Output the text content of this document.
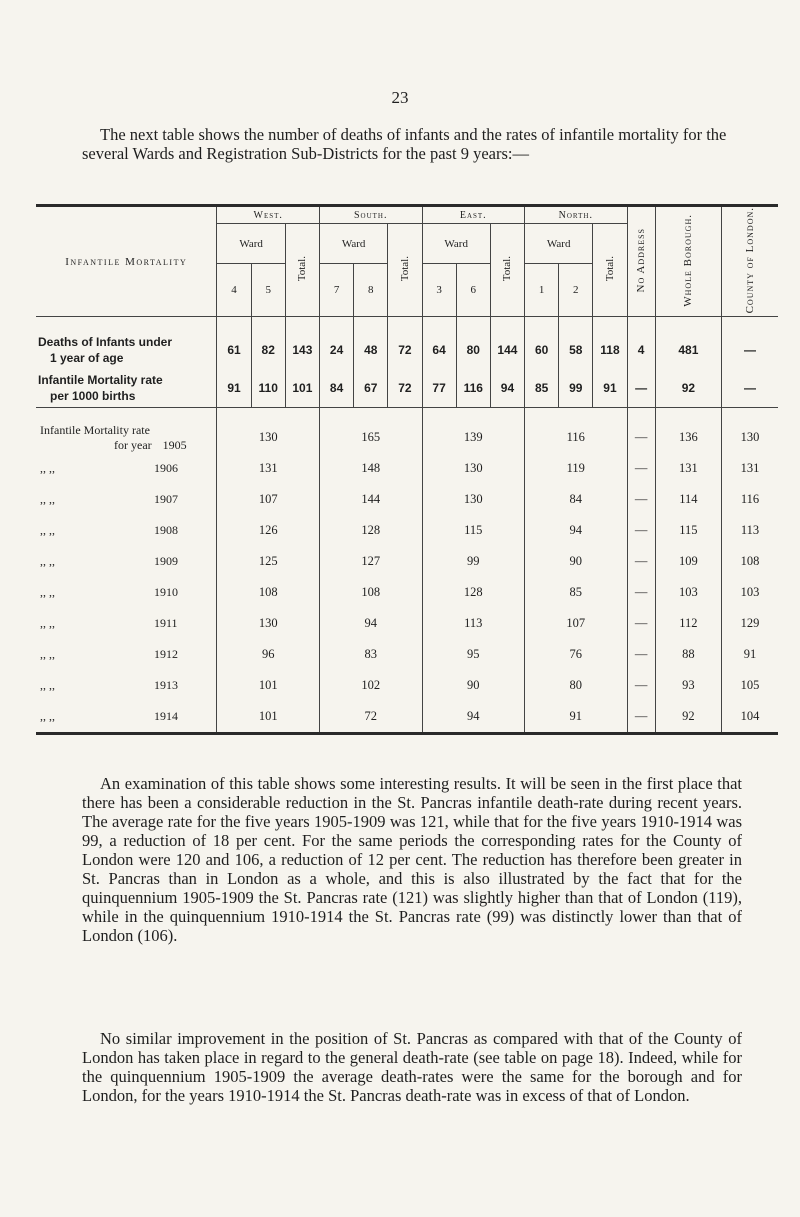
23

The next table shows the number of deaths of infants and the rates of infantile mortality for the several Wards and Registration Sub-Districts for the past 9 years:—

Infantile Mortality	West.			South.			East.			North.			No Address	Whole Borough.	County of London.
	Ward		Total.	Ward		Total.	Ward		Total.	Ward		Total.			
	4	5		7	8		3	6		1	2				

Deaths of Infants under
1 year of age	61	82	143	24	48	72	64	80	144	60	58	118	4	481	—
Infantile Mortality rate
per 1000 births	91	110	101	84	67	72	77	116	94	85	99	91	—	92	—

Infantile Mortality rate
for year 1905	130			165			139			116			—	136	130
,, ,, 1906	131			148			130			119			—	131	131
,, ,, 1907	107			144			130			84			—	114	116
,, ,, 1908	126			128			115			94			—	115	113
,, ,, 1909	125			127			99			90			—	109	108
,, ,, 1910	108			108			128			85			—	103	103
,, ,, 1911	130			94			113			107			—	112	129
,, ,, 1912	96			83			95			76			—	88	91
,, ,, 1913	101			102			90			80			—	93	105
,, ,, 1914	101			72			94			91			—	92	104

An examination of this table shows some interesting results. It will be seen in the first place that there has been a considerable reduction in the St. Pancras infantile death-rate during recent years. The average rate for the five years 1905-1909 was 121, while that for the five years 1910-1914 was 99, a reduction of 18 per cent. For the same periods the corresponding rates for the County of London were 120 and 106, a reduction of 12 per cent. The reduction has therefore been greater in St. Pancras than in London as a whole, and this is also illustrated by the fact that for the quinquennium 1905-1909 the St. Pancras rate (121) was slightly higher than that of London (119), while in the quinquennium 1910-1914 the St. Pancras rate (99) was distinctly lower than that of London (106).

No similar improvement in the position of St. Pancras as compared with that of the County of London has taken place in regard to the general death-rate (see table on page 18). Indeed, while for the quinquennium 1905-1909 the average death-rates were the same for the borough and for London, for the years 1910-1914 the St. Pancras death-rate was in excess of that of London.
